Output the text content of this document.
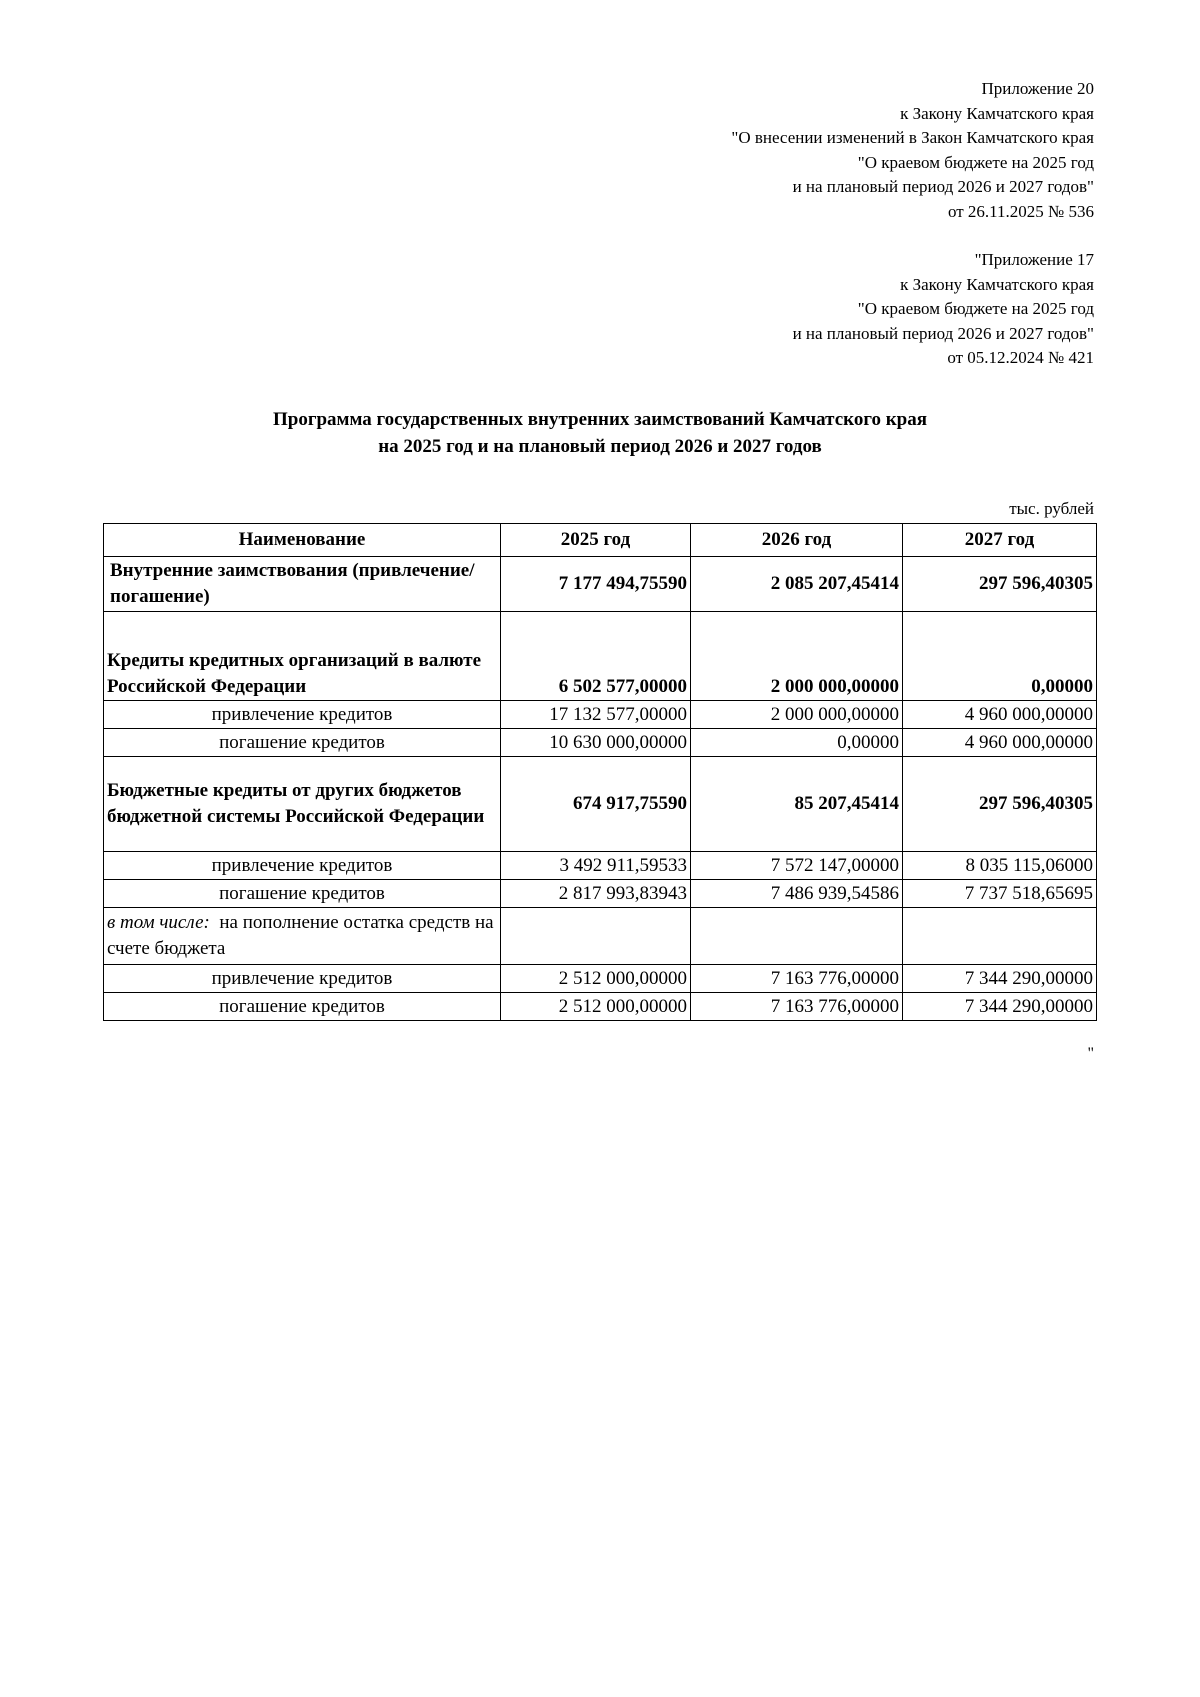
Приложение 20
к Закону Камчатского края
"О внесении изменений в Закон Камчатского края
"О краевом бюджете на 2025 год
и на плановый период 2026 и 2027 годов"
от 26.11.2025 № 536
"Приложение 17
к Закону Камчатского края
"О краевом бюджете на 2025 год
и на плановый период 2026 и 2027 годов"
от 05.12.2024 № 421
Программа государственных внутренних заимствований Камчатского края
на 2025 год и на плановый период 2026 и 2027 годов
тыс. рублей
Наименование	2025 год	2026 год	2027 год
Внутренние заимствования (привлечение/погашение)	7 177 494,75590	2 085 207,45414	297 596,40305
Кредиты кредитных организаций в валюте Российской Федерации	6 502 577,00000	2 000 000,00000	0,00000
привлечение кредитов	17 132 577,00000	2 000 000,00000	4 960 000,00000
погашение кредитов	10 630 000,00000	0,00000	4 960 000,00000
Бюджетные кредиты от других бюджетов бюджетной системы Российской Федерации	674 917,75590	85 207,45414	297 596,40305
привлечение кредитов	3 492 911,59533	7 572 147,00000	8 035 115,06000
погашение кредитов	2 817 993,83943	7 486 939,54586	7 737 518,65695
в том числе: на пополнение остатка средств на счете бюджета			
привлечение кредитов	2 512 000,00000	7 163 776,00000	7 344 290,00000
погашение кредитов	2 512 000,00000	7 163 776,00000	7 344 290,00000
"
